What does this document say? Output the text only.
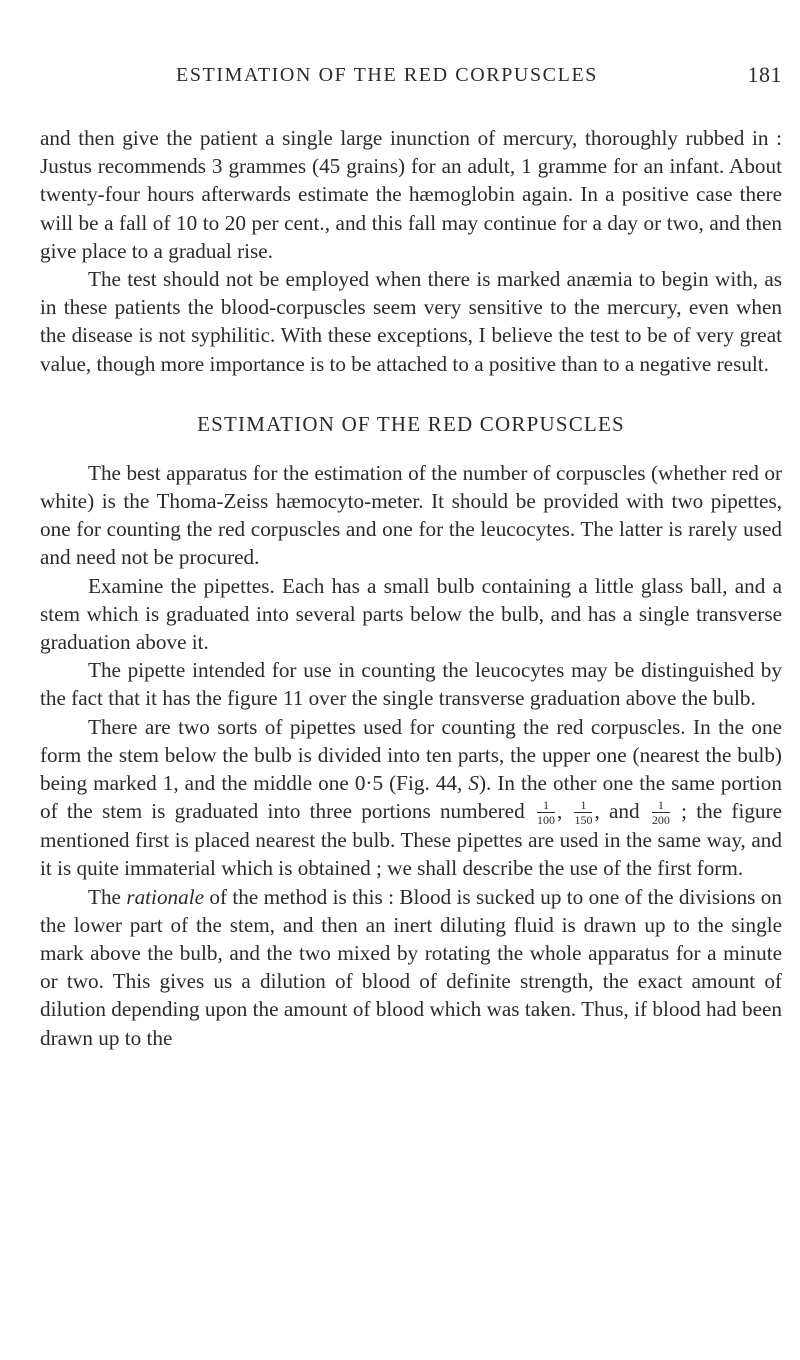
ESTIMATION OF THE RED CORPUSCLES	181

and then give the patient a single large inunction of mercury, thoroughly rubbed in : Justus recommends 3 grammes (45 grains) for an adult, 1 gramme for an infant. About twenty-four hours afterwards estimate the hæmoglobin again. In a positive case there will be a fall of 10 to 20 per cent., and this fall may continue for a day or two, and then give place to a gradual rise.

The test should not be employed when there is marked anæmia to begin with, as in these patients the blood-corpuscles seem very sensitive to the mercury, even when the disease is not syphilitic. With these exceptions, I believe the test to be of very great value, though more importance is to be attached to a positive than to a negative result.

ESTIMATION OF THE RED CORPUSCLES

The best apparatus for the estimation of the number of corpuscles (whether red or white) is the Thoma-Zeiss hæmocyto-meter. It should be provided with two pipettes, one for counting the red corpuscles and one for the leucocytes. The latter is rarely used and need not be procured.

Examine the pipettes. Each has a small bulb containing a little glass ball, and a stem which is graduated into several parts below the bulb, and has a single transverse graduation above it.

The pipette intended for use in counting the leucocytes may be distinguished by the fact that it has the figure 11 over the single transverse graduation above the bulb.

There are two sorts of pipettes used for counting the red corpuscles. In the one form the stem below the bulb is divided into ten parts, the upper one (nearest the bulb) being marked 1, and the middle one 0·5 (Fig. 44, S). In the other one the same portion of the stem is graduated into three portions numbered $\frac{1}{100}$ , $\frac{1}{150}$ , and $\frac{1}{200}$ ; the figure mentioned first is placed nearest the bulb. These pipettes are used in the same way, and it is quite immaterial which is obtained ; we shall describe the use of the first form.

The rationale of the method is this : Blood is sucked up to one of the divisions on the lower part of the stem, and then an inert diluting fluid is drawn up to the single mark above the bulb, and the two mixed by rotating the whole apparatus for a minute or two. This gives us a dilution of blood of definite strength, the exact amount of dilution depending upon the amount of blood which was taken. Thus, if blood had been drawn up to the
